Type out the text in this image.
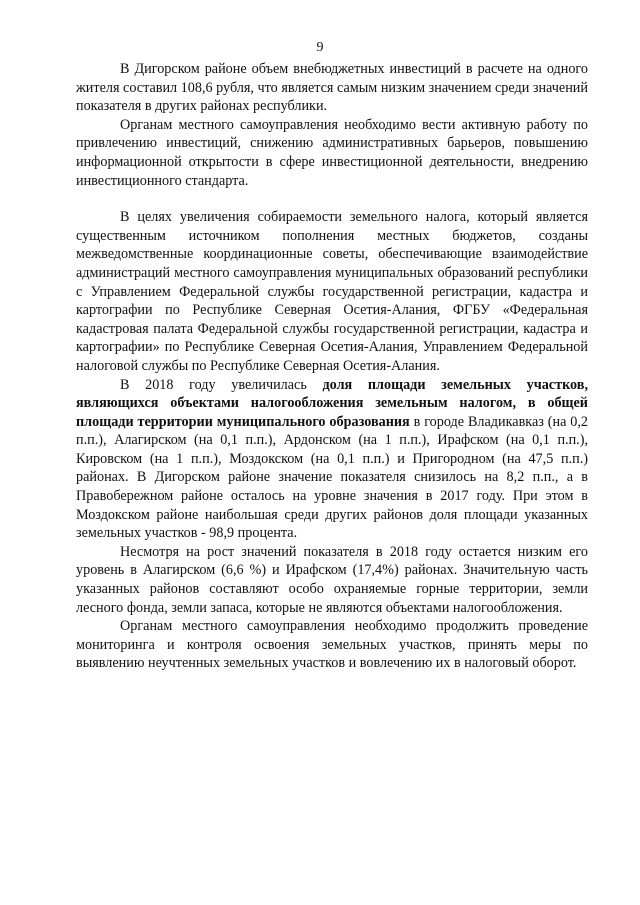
9

В Дигорском районе объем внебюджетных инвестиций в расчете на одного жителя составил 108,6 рубля, что является самым низким значением среди значений показателя в других районах республики.

Органам местного самоуправления необходимо вести активную работу по привлечению инвестиций, снижению административных барьеров, повышению информационной открытости в сфере инвестиционной деятельности, внедрению инвестиционного стандарта.

В целях увеличения собираемости земельного налога, который является существенным источником пополнения местных бюджетов, созданы межведомственные координационные советы, обеспечивающие взаимодействие администраций местного самоуправления муниципальных образований республики с Управлением Федеральной службы государственной регистрации, кадастра и картографии по Республике Северная Осетия-Алания, ФГБУ «Федеральная кадастровая палата Федеральной службы государственной регистрации, кадастра и картографии» по Республике Северная Осетия-Алания, Управлением Федеральной налоговой службы по Республике Северная Осетия-Алания.

В 2018 году увеличилась доля площади земельных участков, являющихся объектами налогообложения земельным налогом, в общей площади территории муниципального образования в городе Владикавказ (на 0,2 п.п.), Алагирском (на 0,1 п.п.), Ардонском (на 1 п.п.), Ирафском (на 0,1 п.п.), Кировском (на 1 п.п.), Моздокском (на 0,1 п.п.) и Пригородном (на 47,5 п.п.) районах. В Дигорском районе значение показателя снизилось на 8,2 п.п., а в Правобережном районе осталось на уровне значения в 2017 году. При этом в Моздокском районе наибольшая среди других районов доля площади указанных земельных участков - 98,9 процента.

Несмотря на рост значений показателя в 2018 году остается низким его уровень в Алагирском (6,6 %) и Ирафском (17,4%) районах. Значительную часть указанных районов составляют особо охраняемые горные территории, земли лесного фонда, земли запаса, которые не являются объектами налогообложения.

Органам местного самоуправления необходимо продолжить проведение мониторинга и контроля освоения земельных участков, принять меры по выявлению неучтенных земельных участков и вовлечению их в налоговый оборот.
